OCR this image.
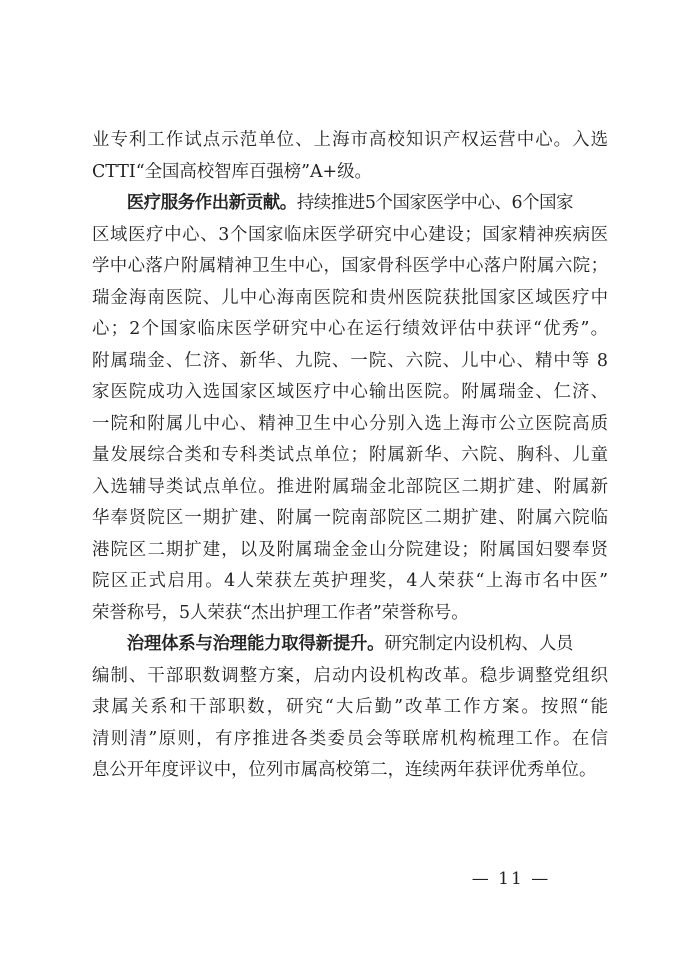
业专利工作试点示范单位、上海市高校知识产权运营中心。入选
CTTI“全国高校智库百强榜”A+级。
医疗服务作出新贡献。持续推进5个国家医学中心、6个国家
区域医疗中心、3个国家临床医学研究中心建设；国家精神疾病医
学中心落户附属精神卫生中心，国家骨科医学中心落户附属六院；
瑞金海南医院、儿中心海南医院和贵州医院获批国家区域医疗中
心；2个国家临床医学研究中心在运行绩效评估中获评“优秀”。
附属瑞金、仁济、新华、九院、一院、六院、儿中心、精中等 8
家医院成功入选国家区域医疗中心输出医院。附属瑞金、仁济、
一院和附属儿中心、精神卫生中心分别入选上海市公立医院高质
量发展综合类和专科类试点单位；附属新华、六院、胸科、儿童
入选辅导类试点单位。推进附属瑞金北部院区二期扩建、附属新
华奉贤院区一期扩建、附属一院南部院区二期扩建、附属六院临
港院区二期扩建，以及附属瑞金金山分院建设；附属国妇婴奉贤
院区正式启用。4人荣获左英护理奖，4人荣获“上海市名中医”
荣誉称号，5人荣获“杰出护理工作者”荣誉称号。
治理体系与治理能力取得新提升。研究制定内设机构、人员
编制、干部职数调整方案，启动内设机构改革。稳步调整党组织
隶属关系和干部职数，研究“大后勤”改革工作方案。按照“能
清则清”原则，有序推进各类委员会等联席机构梳理工作。在信
息公开年度评议中，位列市属高校第二，连续两年获评优秀单位。
— 11 —
